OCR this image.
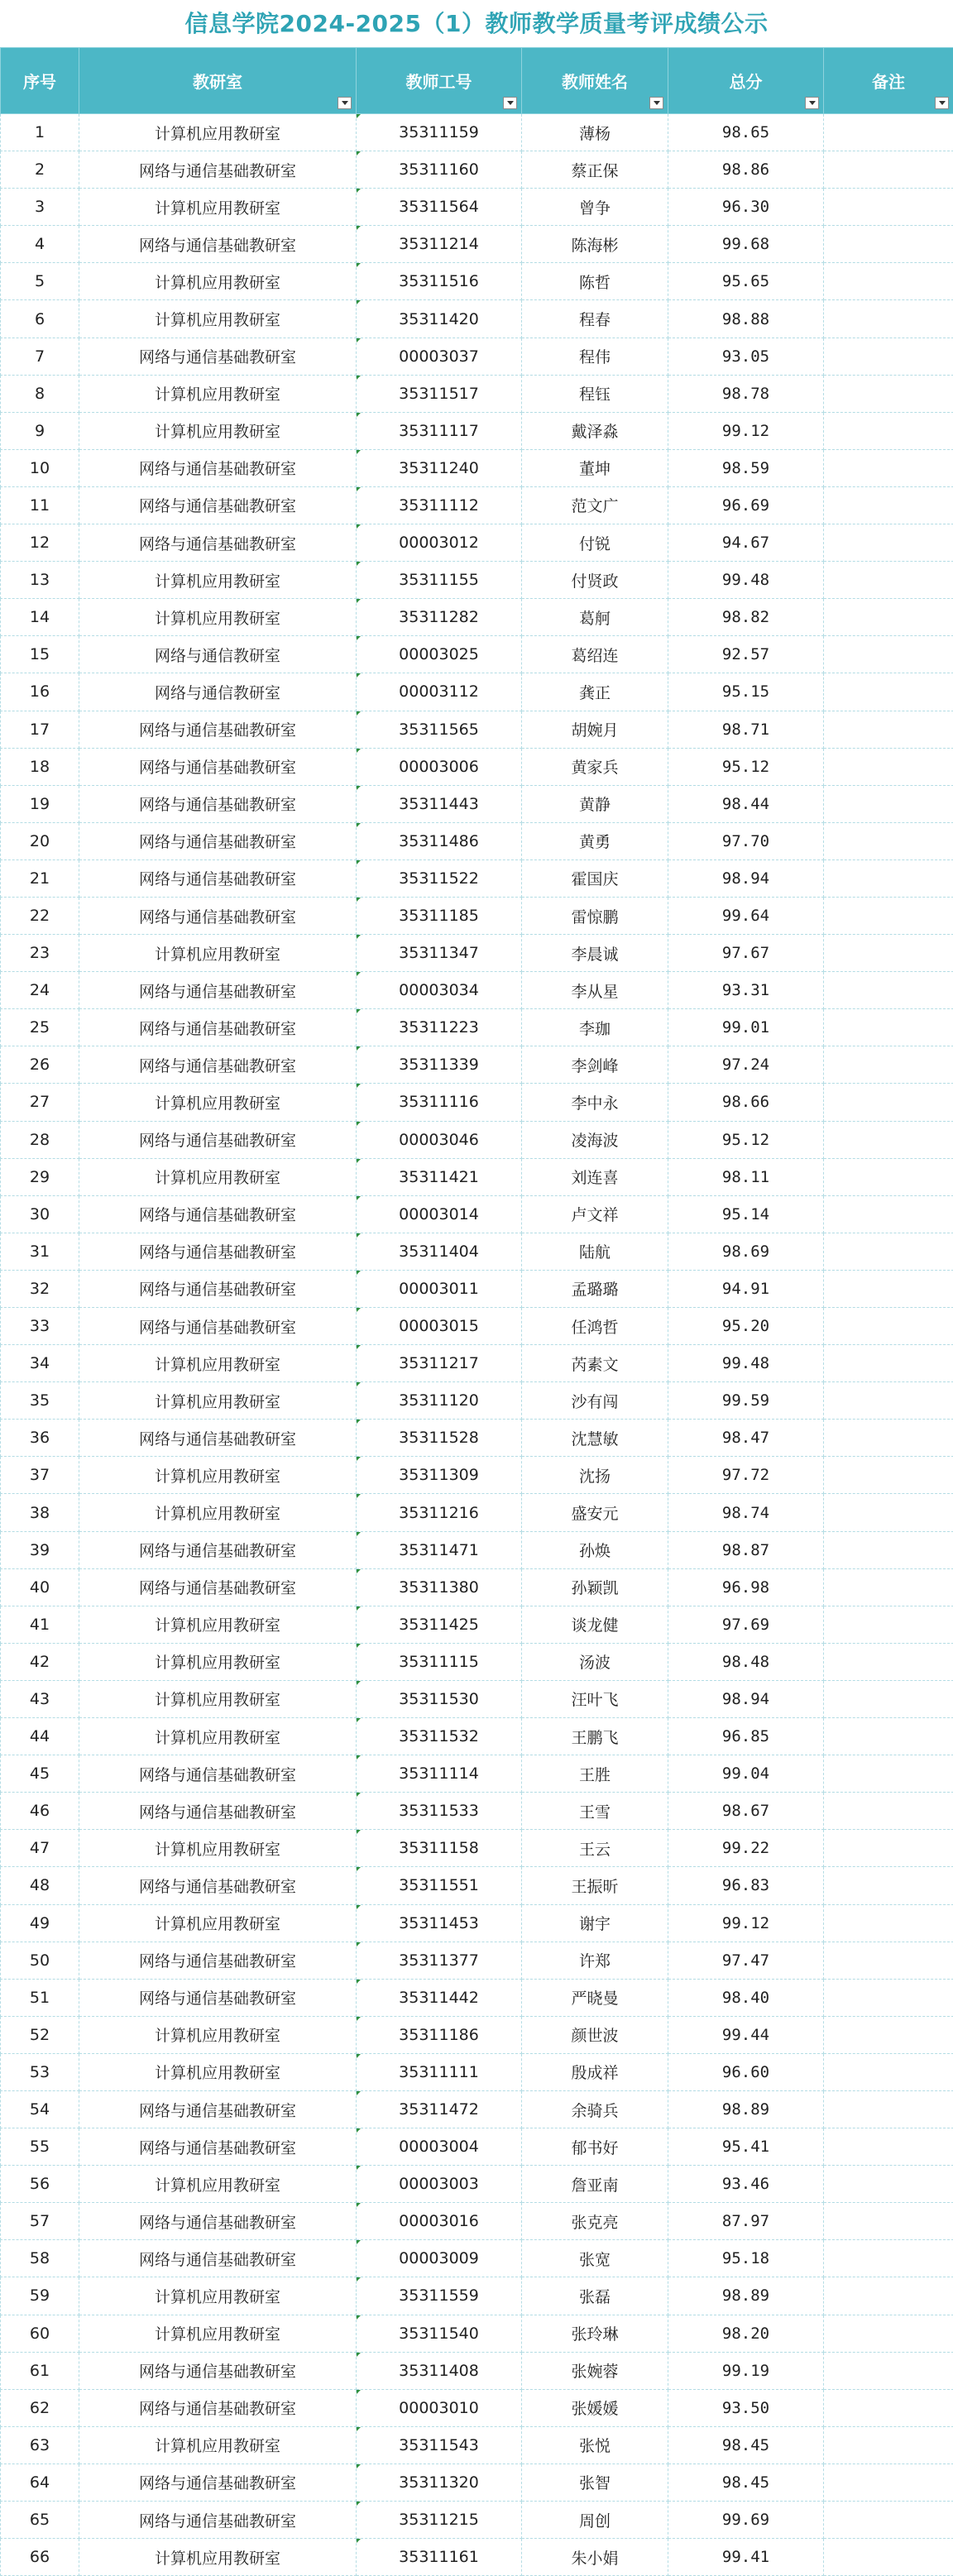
信息学院2024-2025（1）教师教学质量考评成绩公示
序号	教研室	教师工号	教师姓名	总分	备注

1	计算机应用教研室	35311159	薄杨	98.65	
2	网络与通信基础教研室	35311160	蔡正保	98.86	
3	计算机应用教研室	35311564	曾争	96.30	
4	网络与通信基础教研室	35311214	陈海彬	99.68	
5	计算机应用教研室	35311516	陈哲	95.65	
6	计算机应用教研室	35311420	程春	98.88	
7	网络与通信基础教研室	00003037	程伟	93.05	
8	计算机应用教研室	35311517	程钰	98.78	
9	计算机应用教研室	35311117	戴泽淼	99.12	
10	网络与通信基础教研室	35311240	董坤	98.59	
11	网络与通信基础教研室	35311112	范文广	96.69	
12	网络与通信基础教研室	00003012	付锐	94.67	
13	计算机应用教研室	35311155	付贤政	99.48	
14	计算机应用教研室	35311282	葛舸	98.82	
15	网络与通信教研室	00003025	葛绍连	92.57	
16	网络与通信教研室	00003112	龚正	95.15	
17	网络与通信基础教研室	35311565	胡婉月	98.71	
18	网络与通信基础教研室	00003006	黄家兵	95.12	
19	网络与通信基础教研室	35311443	黄静	98.44	
20	网络与通信基础教研室	35311486	黄勇	97.70	
21	网络与通信基础教研室	35311522	霍国庆	98.94	
22	网络与通信基础教研室	35311185	雷惊鹏	99.64	
23	计算机应用教研室	35311347	李晨诚	97.67	
24	网络与通信基础教研室	00003034	李从星	93.31	
25	网络与通信基础教研室	35311223	李珈	99.01	
26	网络与通信基础教研室	35311339	李剑峰	97.24	
27	计算机应用教研室	35311116	李中永	98.66	
28	网络与通信基础教研室	00003046	凌海波	95.12	
29	计算机应用教研室	35311421	刘连喜	98.11	
30	网络与通信基础教研室	00003014	卢文祥	95.14	
31	网络与通信基础教研室	35311404	陆航	98.69	
32	网络与通信基础教研室	00003011	孟璐璐	94.91	
33	网络与通信基础教研室	00003015	任鸿哲	95.20	
34	计算机应用教研室	35311217	芮素文	99.48	
35	计算机应用教研室	35311120	沙有闯	99.59	
36	网络与通信基础教研室	35311528	沈慧敏	98.47	
37	计算机应用教研室	35311309	沈扬	97.72	
38	计算机应用教研室	35311216	盛安元	98.74	
39	网络与通信基础教研室	35311471	孙焕	98.87	
40	网络与通信基础教研室	35311380	孙颖凯	96.98	
41	计算机应用教研室	35311425	谈龙健	97.69	
42	计算机应用教研室	35311115	汤波	98.48	
43	计算机应用教研室	35311530	汪叶飞	98.94	
44	计算机应用教研室	35311532	王鹏飞	96.85	
45	网络与通信基础教研室	35311114	王胜	99.04	
46	网络与通信基础教研室	35311533	王雪	98.67	
47	计算机应用教研室	35311158	王云	99.22	
48	网络与通信基础教研室	35311551	王振昕	96.83	
49	计算机应用教研室	35311453	谢宇	99.12	
50	网络与通信基础教研室	35311377	许郑	97.47	
51	网络与通信基础教研室	35311442	严晓曼	98.40	
52	计算机应用教研室	35311186	颜世波	99.44	
53	计算机应用教研室	35311111	殷成祥	96.60	
54	网络与通信基础教研室	35311472	余骑兵	98.89	
55	网络与通信基础教研室	00003004	郁书好	95.41	
56	计算机应用教研室	00003003	詹亚南	93.46	
57	网络与通信基础教研室	00003016	张克亮	87.97	
58	网络与通信基础教研室	00003009	张宽	95.18	
59	计算机应用教研室	35311559	张磊	98.89	
60	计算机应用教研室	35311540	张玲琳	98.20	
61	网络与通信基础教研室	35311408	张婉蓉	99.19	
62	网络与通信基础教研室	00003010	张媛媛	93.50	
63	计算机应用教研室	35311543	张悦	98.45	
64	网络与通信基础教研室	35311320	张智	98.45	
65	网络与通信基础教研室	35311215	周创	99.69	
66	计算机应用教研室	35311161	朱小娟	99.41	
